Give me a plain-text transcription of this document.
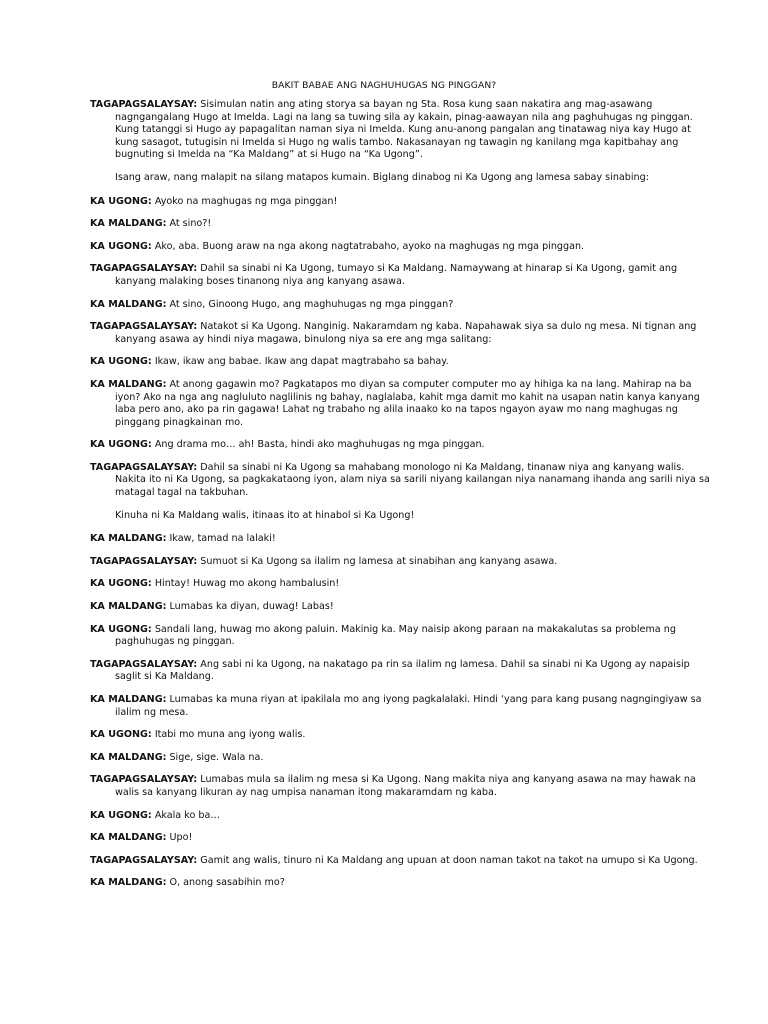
BAKIT BABAE ANG NAGHUHUGAS NG PINGGAN?
TAGAPAGSALAYSAY: Sisimulan natin ang ating storya sa bayan ng Sta. Rosa kung saan nakatira ang mag-asawang nagngangalang Hugo at Imelda. Lagi na lang sa tuwing sila ay kakain, pinag-aawayan nila ang paghuhugas ng pinggan. Kung tatanggi si Hugo ay papagalitan naman siya ni Imelda. Kung anu-anong pangalan ang tinatawag niya kay Hugo at kung sasagot, tutugisin ni Imelda si Hugo ng walis tambo. Nakasanayan ng tawagin ng kanilang mga kapitbahay ang bugnuting si Imelda na “Ka Maldang” at si Hugo na “Ka Ugong”.
Isang araw, nang malapit na silang matapos kumain. Biglang dinabog ni Ka Ugong ang lamesa sabay sinabing:
KA UGONG: Ayoko na maghugas ng mga pinggan!
KA MALDANG: At sino?!
KA UGONG: Ako, aba. Buong araw na nga akong nagtatrabaho, ayoko na maghugas ng mga pinggan.
TAGAPAGSALAYSAY: Dahil sa sinabi ni Ka Ugong, tumayo si Ka Maldang. Namaywang at hinarap si Ka Ugong, gamit ang kanyang malaking boses tinanong niya ang kanyang asawa.
KA MALDANG: At sino, Ginoong Hugo, ang maghuhugas ng mga pinggan?
TAGAPAGSALAYSAY: Natakot si Ka Ugong. Nanginig. Nakaramdam ng kaba. Napahawak siya sa dulo ng mesa. Ni tignan ang kanyang asawa ay hindi niya magawa, binulong niya sa ere ang mga salitang:
KA UGONG: Ikaw, ikaw ang babae. Ikaw ang dapat magtrabaho sa bahay.
KA MALDANG: At anong gagawin mo? Pagkatapos mo diyan sa computer computer mo ay hihiga ka na lang. Mahirap na ba iyon? Ako na nga ang nagluluto naglilinis ng bahay, naglalaba, kahit mga damit mo kahit na usapan natin kanya kanyang laba pero ano, ako pa rin gagawa! Lahat ng trabaho ng alila inaako ko na tapos ngayon ayaw mo nang maghugas ng pinggang pinagkainan mo.
KA UGONG: Ang drama mo… ah! Basta, hindi ako maghuhugas ng mga pinggan.
TAGAPAGSALAYSAY: Dahil sa sinabi ni Ka Ugong sa mahabang monologo ni Ka Maldang, tinanaw niya ang kanyang walis. Nakita ito ni Ka Ugong, sa pagkakataong iyon, alam niya sa sarili niyang kailangan niya nanamang ihanda ang sarili niya sa matagal tagal na takbuhan.
Kinuha ni Ka Maldang walis, itinaas ito at hinabol si Ka Ugong!
KA MALDANG: Ikaw, tamad na lalaki!
TAGAPAGSALAYSAY: Sumuot si Ka Ugong sa ilalim ng lamesa at sinabihan ang kanyang asawa.
KA UGONG: Hintay! Huwag mo akong hambalusin!
KA MALDANG: Lumabas ka diyan, duwag! Labas!
KA UGONG: Sandali lang, huwag mo akong paluin. Makinig ka. May naisip akong paraan na makakalutas sa problema ng paghuhugas ng pinggan.
TAGAPAGSALAYSAY: Ang sabi ni ka Ugong, na nakatago pa rin sa ilalim ng lamesa. Dahil sa sinabi ni Ka Ugong ay napaisip saglit si Ka Maldang.
KA MALDANG: Lumabas ka muna riyan at ipakilala mo ang iyong pagkalalaki. Hindi ‘yang para kang pusang nagngingiyaw sa ilalim ng mesa.
KA UGONG: Itabi mo muna ang iyong walis.
KA MALDANG: Sige, sige. Wala na.
TAGAPAGSALAYSAY: Lumabas mula sa ilalim ng mesa si Ka Ugong. Nang makita niya ang kanyang asawa na may hawak na walis sa kanyang likuran ay nag umpisa nanaman itong makaramdam ng kaba.
KA UGONG: Akala ko ba…
KA MALDANG: Upo!
TAGAPAGSALAYSAY: Gamit ang walis, tinuro ni Ka Maldang ang upuan at doon naman takot na takot na umupo si Ka Ugong.
KA MALDANG: O, anong sasabihin mo?
